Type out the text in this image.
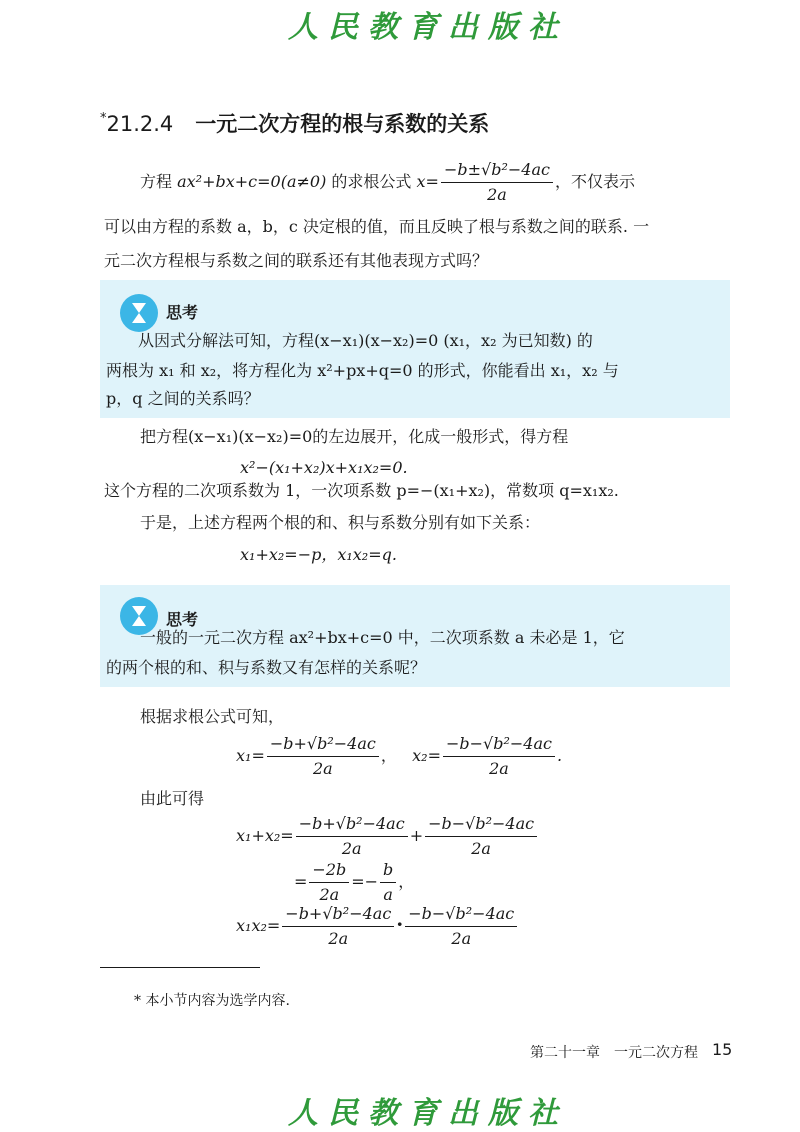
人民教育出版社
*21.2.4 一元二次方程的根与系数的关系
方程 ax²+bx+c=0(a≠0) 的求根公式 $x= \frac{\text{−b±√b²−4ac}}{2a}$ ，不仅表示
可以由方程的系数 a，b，c 决定根的值，而且反映了根与系数之间的联系. 一
元二次方程根与系数之间的联系还有其他表现方式吗？
思考
从因式分解法可知，方程(x−x₁)(x−x₂)=0 (x₁，x₂ 为已知数) 的
两根为 x₁ 和 x₂，将方程化为 x²+px+q=0 的形式，你能看出 x₁，x₂ 与
p，q 之间的关系吗？
把方程(x−x₁)(x−x₂)=0的左边展开，化成一般形式，得方程
x²−(x₁+x₂)x+x₁x₂=0.
这个方程的二次项系数为 1，一次项系数 p=−(x₁+x₂)，常数项 q=x₁x₂.
于是，上述方程两个根的和、积与系数分别有如下关系：
x₁+x₂=−p，x₁x₂=q.
思考
一般的一元二次方程 ax²+bx+c=0 中，二次项系数 a 未必是 1，它
的两个根的和、积与系数又有怎样的关系呢？
根据求根公式可知，
$x_1= \frac{\text{−b+√b²−4ac}}{2a}$ ， $x_2= \frac{\text{−b−√b²−4ac}}{2a}$ .
由此可得
$x_1+x_2= \frac{\text{−b+√b²−4ac}}{2a} + \frac{\text{−b−√b²−4ac}}{2a}$
= $\frac{-2b}{2a} =- \frac{b}{a}$ ，
$x_1x_2= \frac{\text{−b+√b²−4ac}}{2a} \cdot \frac{\text{−b−√b²−4ac}}{2a}$
* 本小节内容为选学内容.
第二十一章　一元二次方程 15
人民教育出版社
